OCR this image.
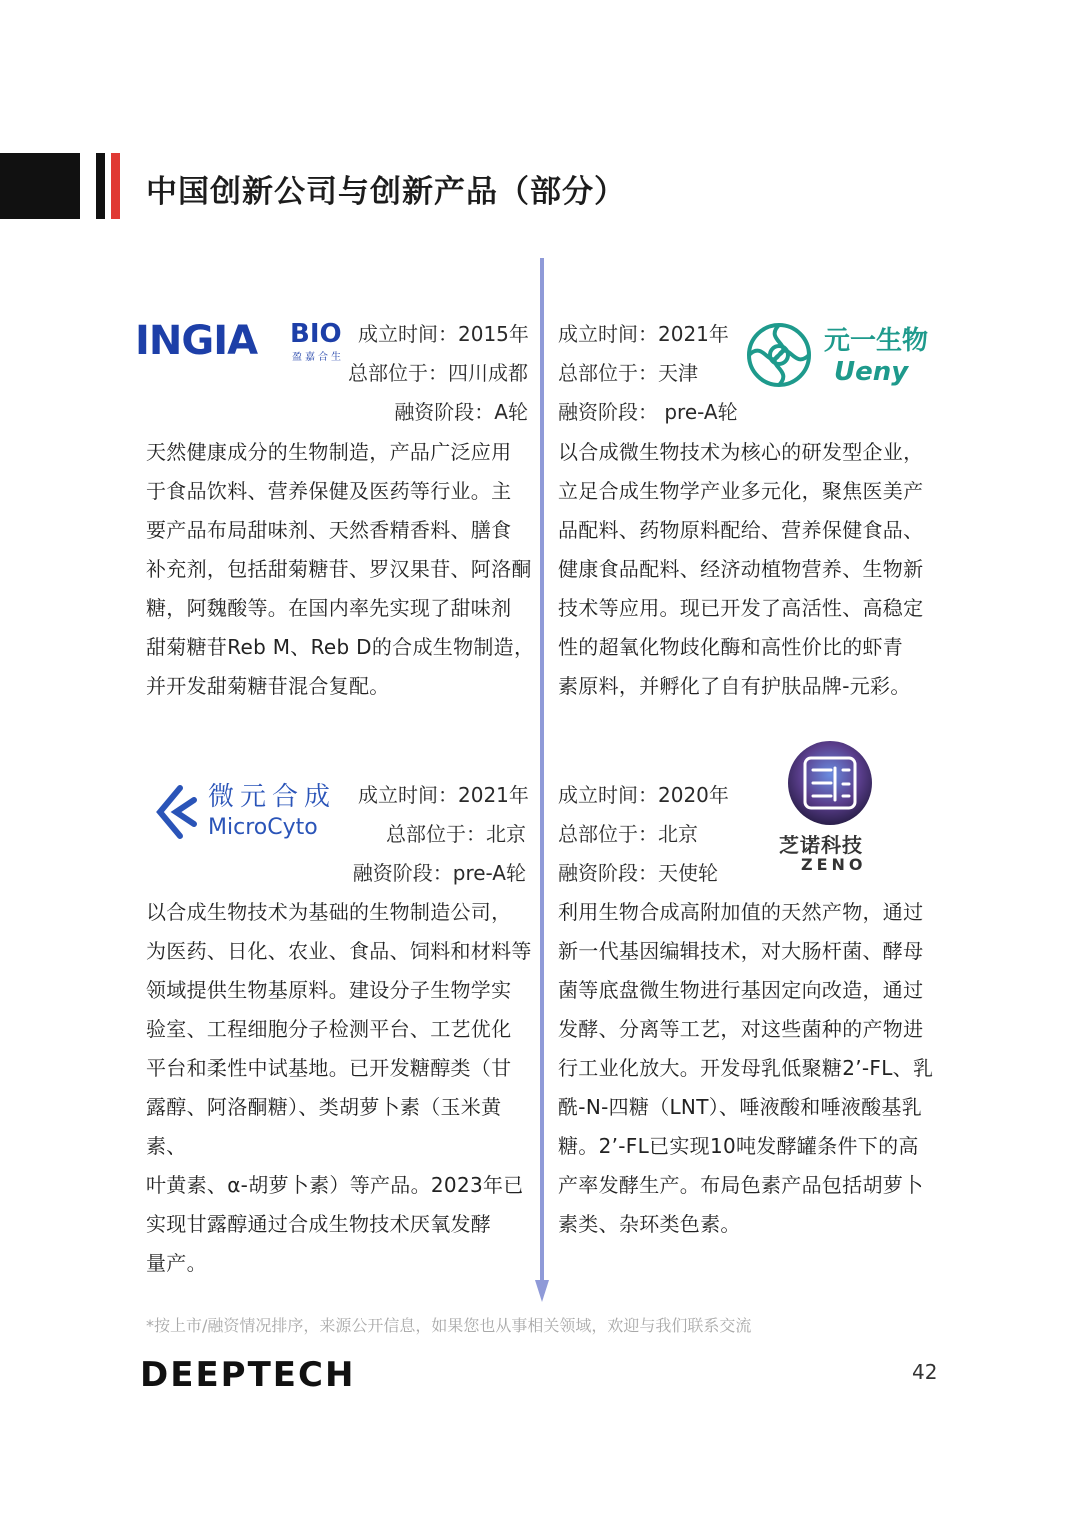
中国创新公司与创新产品（部分）
INGIA BIO
盈嘉合生
成立时间：2015年
总部位于：四川成都
融资阶段：A轮
天然健康成分的生物制造，产品广泛应用
于食品饮料、营养保健及医药等行业。主
要产品布局甜味剂、天然香精香料、膳食
补充剂，包括甜菊糖苷、罗汉果苷、阿洛酮
糖，阿魏酸等。在国内率先实现了甜味剂
甜菊糖苷Reb M、Reb D的合成生物制造，
并开发甜菊糖苷混合复配。
成立时间：2021年
总部位于：天津
融资阶段： pre-A轮
元一生物
Ueny
以合成微生物技术为核心的研发型企业，
立足合成生物学产业多元化，聚焦医美产
品配料、药物原料配给、营养保健食品、
健康食品配料、经济动植物营养、生物新
技术等应用。现已开发了高活性、高稳定
性的超氧化物歧化酶和高性价比的虾青
素原料，并孵化了自有护肤品牌-元彩。
微元合成
MicroCyto
成立时间：2021年
总部位于：北京
融资阶段：pre-A轮
以合成生物技术为基础的生物制造公司，
为医药、日化、农业、食品、饲料和材料等
领域提供生物基原料。建设分子生物学实
验室、工程细胞分子检测平台、工艺优化
平台和柔性中试基地。已开发糖醇类（甘
露醇、阿洛酮糖）、类胡萝卜素（玉米黄素、
叶黄素、α-胡萝卜素）等产品。2023年已
实现甘露醇通过合成生物技术厌氧发酵
量产。
成立时间：2020年
总部位于：北京
融资阶段：天使轮
芝诺科技
ZENO
利用生物合成高附加值的天然产物，通过
新一代基因编辑技术，对大肠杆菌、酵母
菌等底盘微生物进行基因定向改造，通过
发酵、分离等工艺，对这些菌种的产物进
行工业化放大。开发母乳低聚糖2’-FL、乳
酰-N-四糖（LNT）、唾液酸和唾液酸基乳
糖。2’-FL已实现10吨发酵罐条件下的高
产率发酵生产。布局色素产品包括胡萝卜
素类、杂环类色素。
*按上市/融资情况排序，来源公开信息，如果您也从事相关领域，欢迎与我们联系交流
DEEPTECH	42
